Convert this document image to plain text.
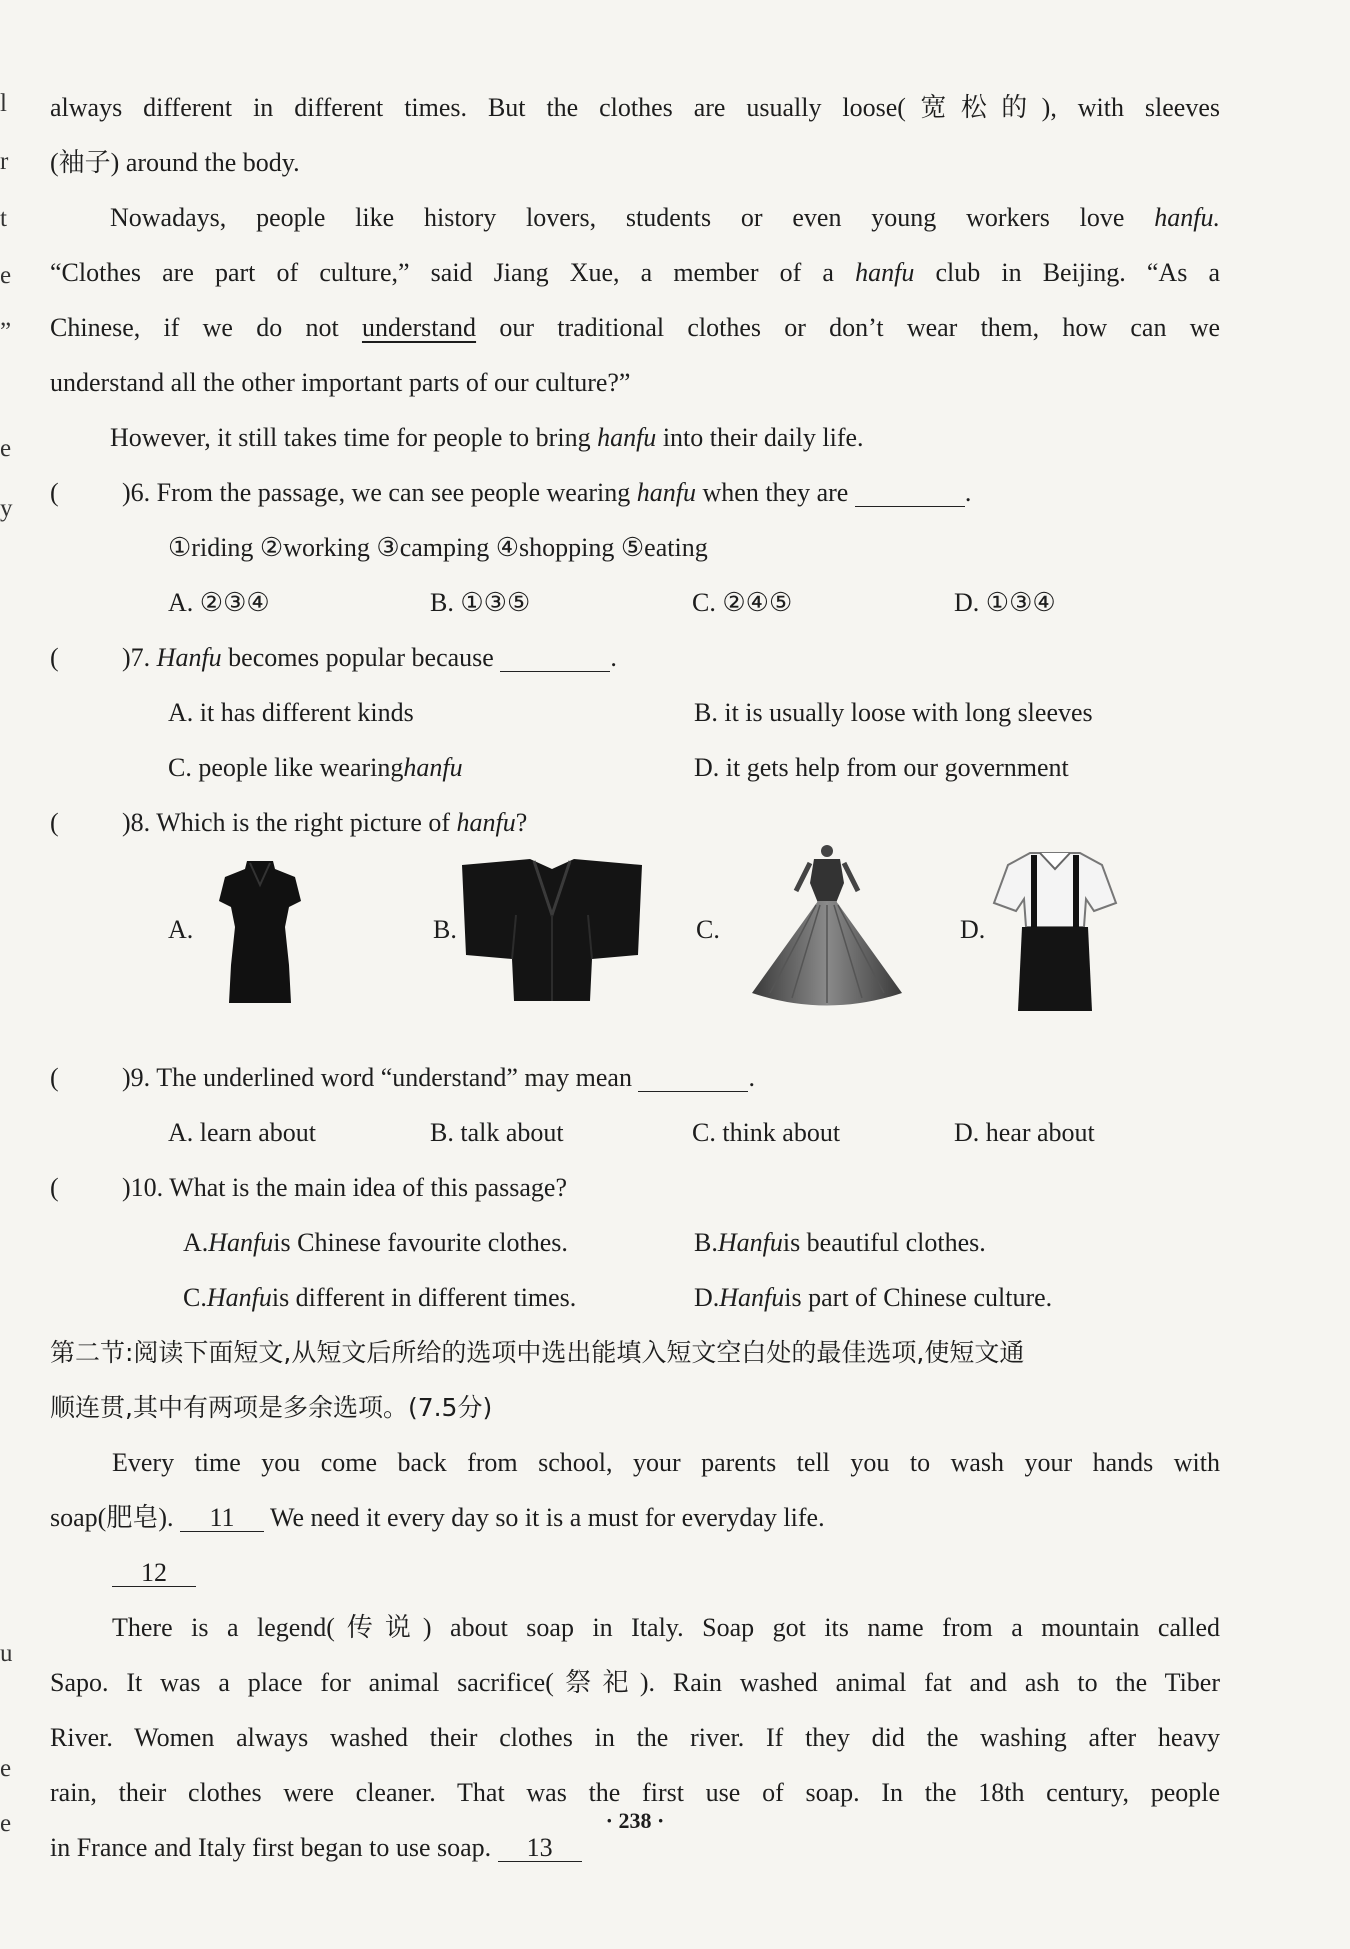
l
r
t
e
”
e
y
u
e
e
always different in different times. But the clothes are usually loose(宽松的), with sleeves
(袖子) around the body.
Nowadays, people like history lovers, students or even young workers love hanfu.
“Clothes are part of culture,” said Jiang Xue, a member of a hanfu club in Beijing. “As a
Chinese, if we do not understand our traditional clothes or don’t wear them, how can we
understand all the other important parts of our culture?”
However, it still takes time for people to bring hanfu into their daily life.
( )6. From the passage, we can see people wearing hanfu when they are	.
①riding ②working ③camping ④shopping ⑤eating
A. ②③④	B. ①③⑤	C. ②④⑤	D. ①③④
( )7. Hanfu becomes popular because	.
A. it has different kinds	B. it is usually loose with long sleeves
C. people like wearinghanfu	D. it gets help from our government
( )8. Which is the right picture of hanfu?
A.	B.	C.	D.
( )9. The underlined word “understand” may mean	.
A. learn about	B. talk about	C. think about	D. hear about
( )10. What is the main idea of this passage?
A.Hanfuis Chinese favourite clothes.	B.Hanfuis beautiful clothes.
C.Hanfuis different in different times.	D.Hanfuis part of Chinese culture.
第二节:阅读下面短文,从短文后所给的选项中选出能填入短文空白处的最佳选项,使短文通
顺连贯,其中有两项是多余选项。(7.5分)
Every time you come back from school, your parents tell you to wash your hands with
soap(肥皂). 11 We need it every day so it is a must for everyday life.
12
There is a legend(传说) about soap in Italy. Soap got its name from a mountain called
Sapo. It was a place for animal sacrifice(祭祀). Rain washed animal fat and ash to the Tiber
River. Women always washed their clothes in the river. If they did the washing after heavy
rain, their clothes were cleaner. That was the first use of soap. In the 18th century, people
in France and Italy first began to use soap. 13
· 238 ·
